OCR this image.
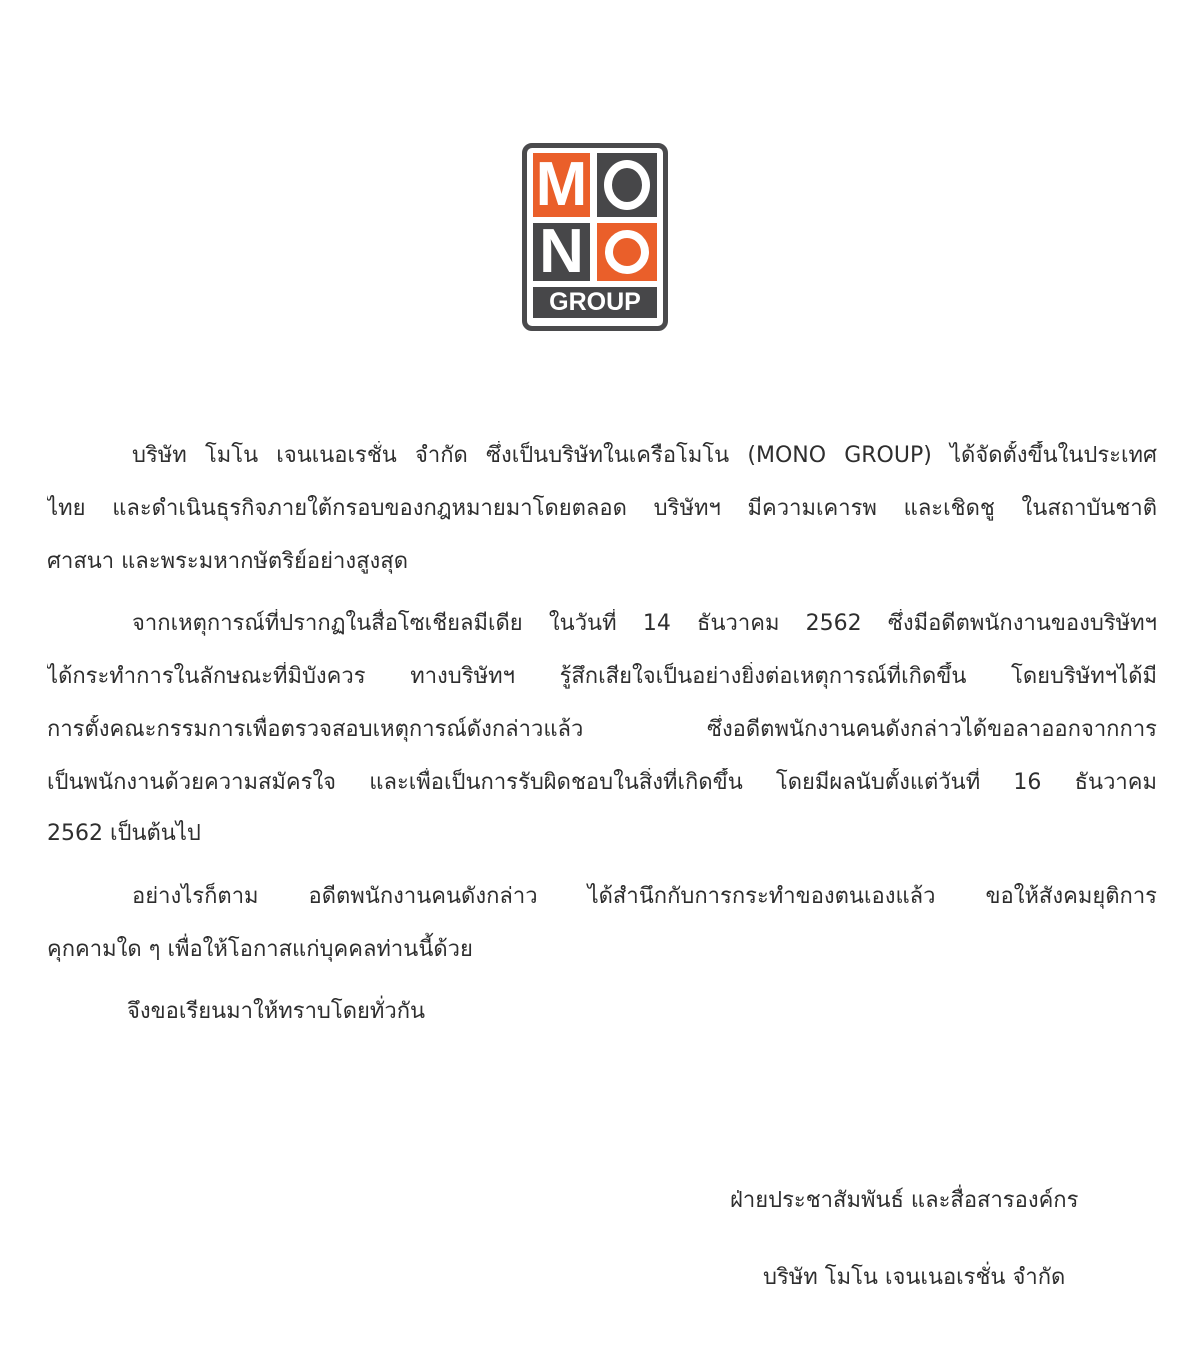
M
N
GROUP
บริษัท โมโน เจนเนอเรชั่น จำกัด ซึ่งเป็นบริษัทในเครือโมโน (MONO GROUP) ได้จัดตั้งขึ้นในประเทศ
ไทย และดำเนินธุรกิจภายใต้กรอบของกฎหมายมาโดยตลอด บริษัทฯ มีความเคารพ และเชิดชู ในสถาบันชาติ
ศาสนา และพระมหากษัตริย์อย่างสูงสุด
จากเหตุการณ์ที่ปรากฏในสื่อโซเชียลมีเดีย ในวันที่ 14 ธันวาคม 2562 ซึ่งมีอดีตพนักงานของบริษัทฯ
ได้กระทำการในลักษณะที่มิบังควร ทางบริษัทฯ รู้สึกเสียใจเป็นอย่างยิ่งต่อเหตุการณ์ที่เกิดขึ้น โดยบริษัทฯได้มี
การตั้งคณะกรรมการเพื่อตรวจสอบเหตุการณ์ดังกล่าวแล้ว ซึ่งอดีตพนักงานคนดังกล่าวได้ขอลาออกจากการ
เป็นพนักงานด้วยความสมัครใจ และเพื่อเป็นการรับผิดชอบในสิ่งที่เกิดขึ้น โดยมีผลนับตั้งแต่วันที่ 16 ธันวาคม
2562 เป็นต้นไป
อย่างไรก็ตาม อดีตพนักงานคนดังกล่าว ได้สำนึกกับการกระทำของตนเองแล้ว ขอให้สังคมยุติการ
คุกคามใด ๆ เพื่อให้โอกาสแก่บุคคลท่านนี้ด้วย
จึงขอเรียนมาให้ทราบโดยทั่วกัน
ฝ่ายประชาสัมพันธ์ และสื่อสารองค์กร
บริษัท โมโน เจนเนอเรชั่น จำกัด
